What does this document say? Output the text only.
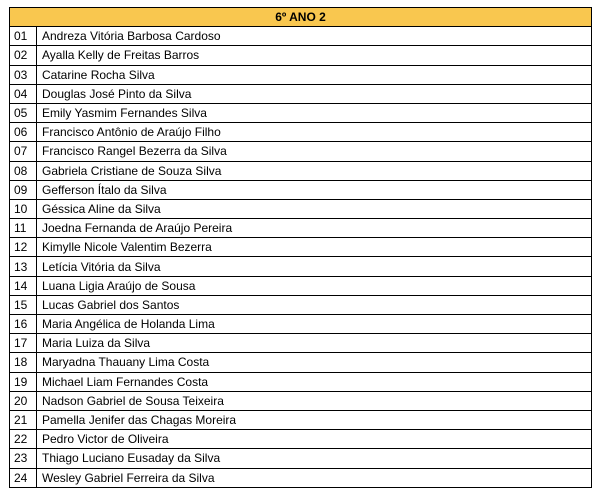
6º ANO 2	
01	Andreza Vitória Barbosa Cardoso
02	Ayalla Kelly de Freitas Barros
03	Catarine Rocha Silva
04	Douglas José Pinto da Silva
05	Emily Yasmim Fernandes Silva
06	Francisco Antônio de Araújo Filho
07	Francisco Rangel Bezerra da Silva
08	Gabriela Cristiane de Souza Silva
09	Gefferson Ítalo da Silva
10	Géssica Aline da Silva
11	Joedna Fernanda de Araújo Pereira
12	Kimylle Nicole Valentim Bezerra
13	Letícia Vitória da Silva
14	Luana Ligia Araújo de Sousa
15	Lucas Gabriel dos Santos
16	Maria Angélica de Holanda Lima
17	Maria Luiza da Silva
18	Maryadna Thauany Lima Costa
19	Michael Liam Fernandes Costa
20	Nadson Gabriel de Sousa Teixeira
21	Pamella Jenifer das Chagas Moreira
22	Pedro Victor de Oliveira
23	Thiago Luciano Eusaday da Silva
24	Wesley Gabriel Ferreira da Silva
